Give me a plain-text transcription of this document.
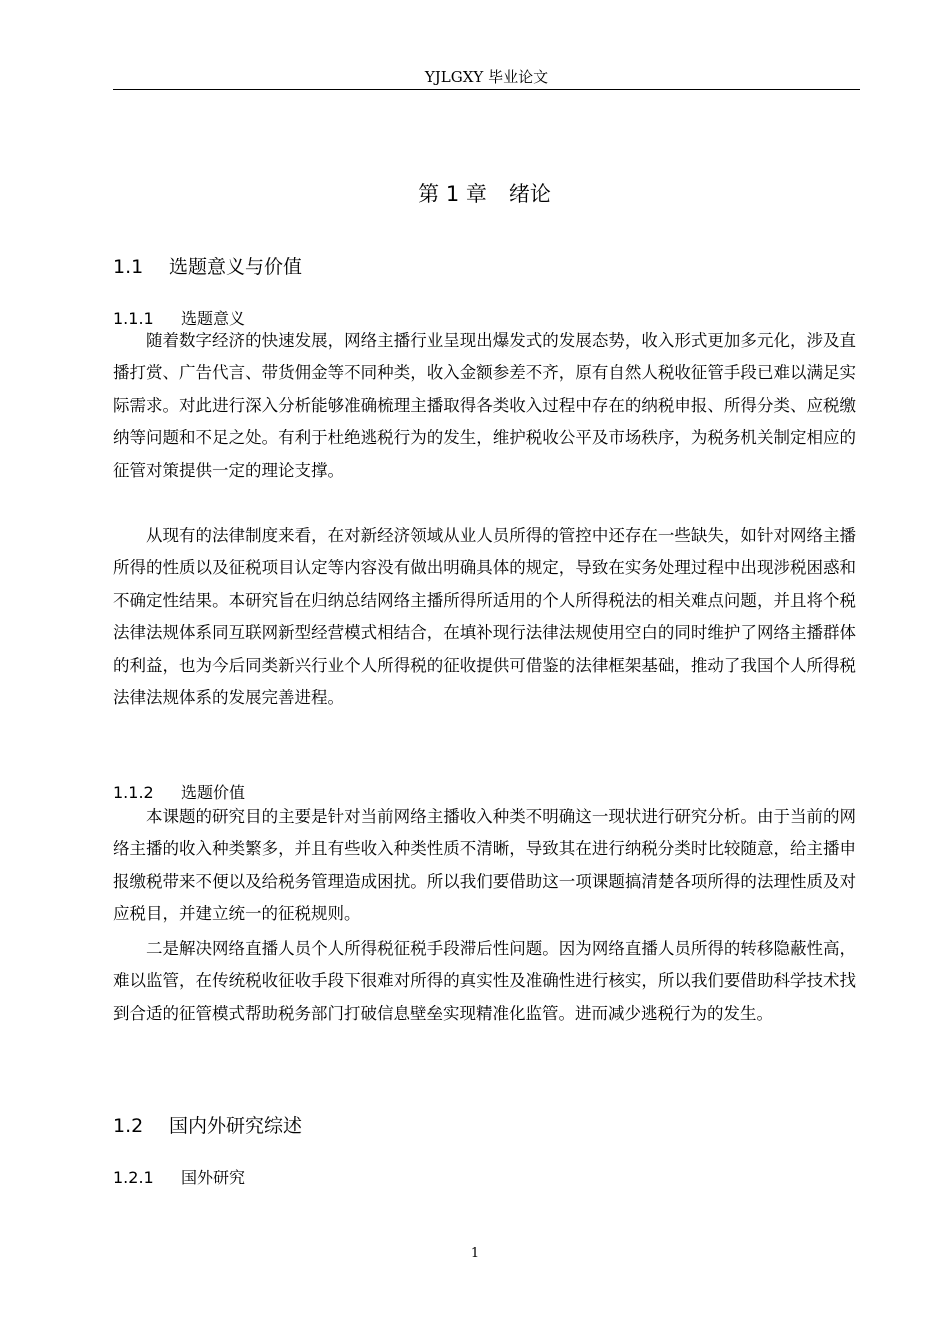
YJLGXY 毕业论文
第 1 章 绪论
1.1 选题意义与价值
1.1.1 选题意义

随着数字经济的快速发展，网络主播行业呈现出爆发式的发展态势，收入形式更加多元化，涉及直播打赏、广告代言、带货佣金等不同种类，收入金额参差不齐，原有自然人税收征管手段已难以满足实际需求。对此进行深入分析能够准确梳理主播取得各类收入过程中存在的纳税申报、所得分类、应税缴纳等问题和不足之处。有利于杜绝逃税行为的发生，维护税收公平及市场秩序，为税务机关制定相应的征管对策提供一定的理论支撑。

从现有的法律制度来看，在对新经济领域从业人员所得的管控中还存在一些缺失，如针对网络主播所得的性质以及征税项目认定等内容没有做出明确具体的规定，导致在实务处理过程中出现涉税困惑和不确定性结果。本研究旨在归纳总结网络主播所得所适用的个人所得税法的相关难点问题，并且将个税法律法规体系同互联网新型经营模式相结合，在填补现行法律法规使用空白的同时维护了网络主播群体的利益，也为今后同类新兴行业个人所得税的征收提供可借鉴的法律框架基础，推动了我国个人所得税法律法规体系的发展完善进程。

1.1.2 选题价值

本课题的研究目的主要是针对当前网络主播收入种类不明确这一现状进行研究分析。由于当前的网络主播的收入种类繁多，并且有些收入种类性质不清晰，导致其在进行纳税分类时比较随意，给主播申报缴税带来不便以及给税务管理造成困扰。所以我们要借助这一项课题搞清楚各项所得的法理性质及对应税目，并建立统一的征税规则。

二是解决网络直播人员个人所得税征税手段滞后性问题。因为网络直播人员所得的转移隐蔽性高，难以监管，在传统税收征收手段下很难对所得的真实性及准确性进行核实，所以我们要借助科学技术找到合适的征管模式帮助税务部门打破信息壁垒实现精准化监管。进而减少逃税行为的发生。

1.2 国内外研究综述
1.2.1 国外研究
1
